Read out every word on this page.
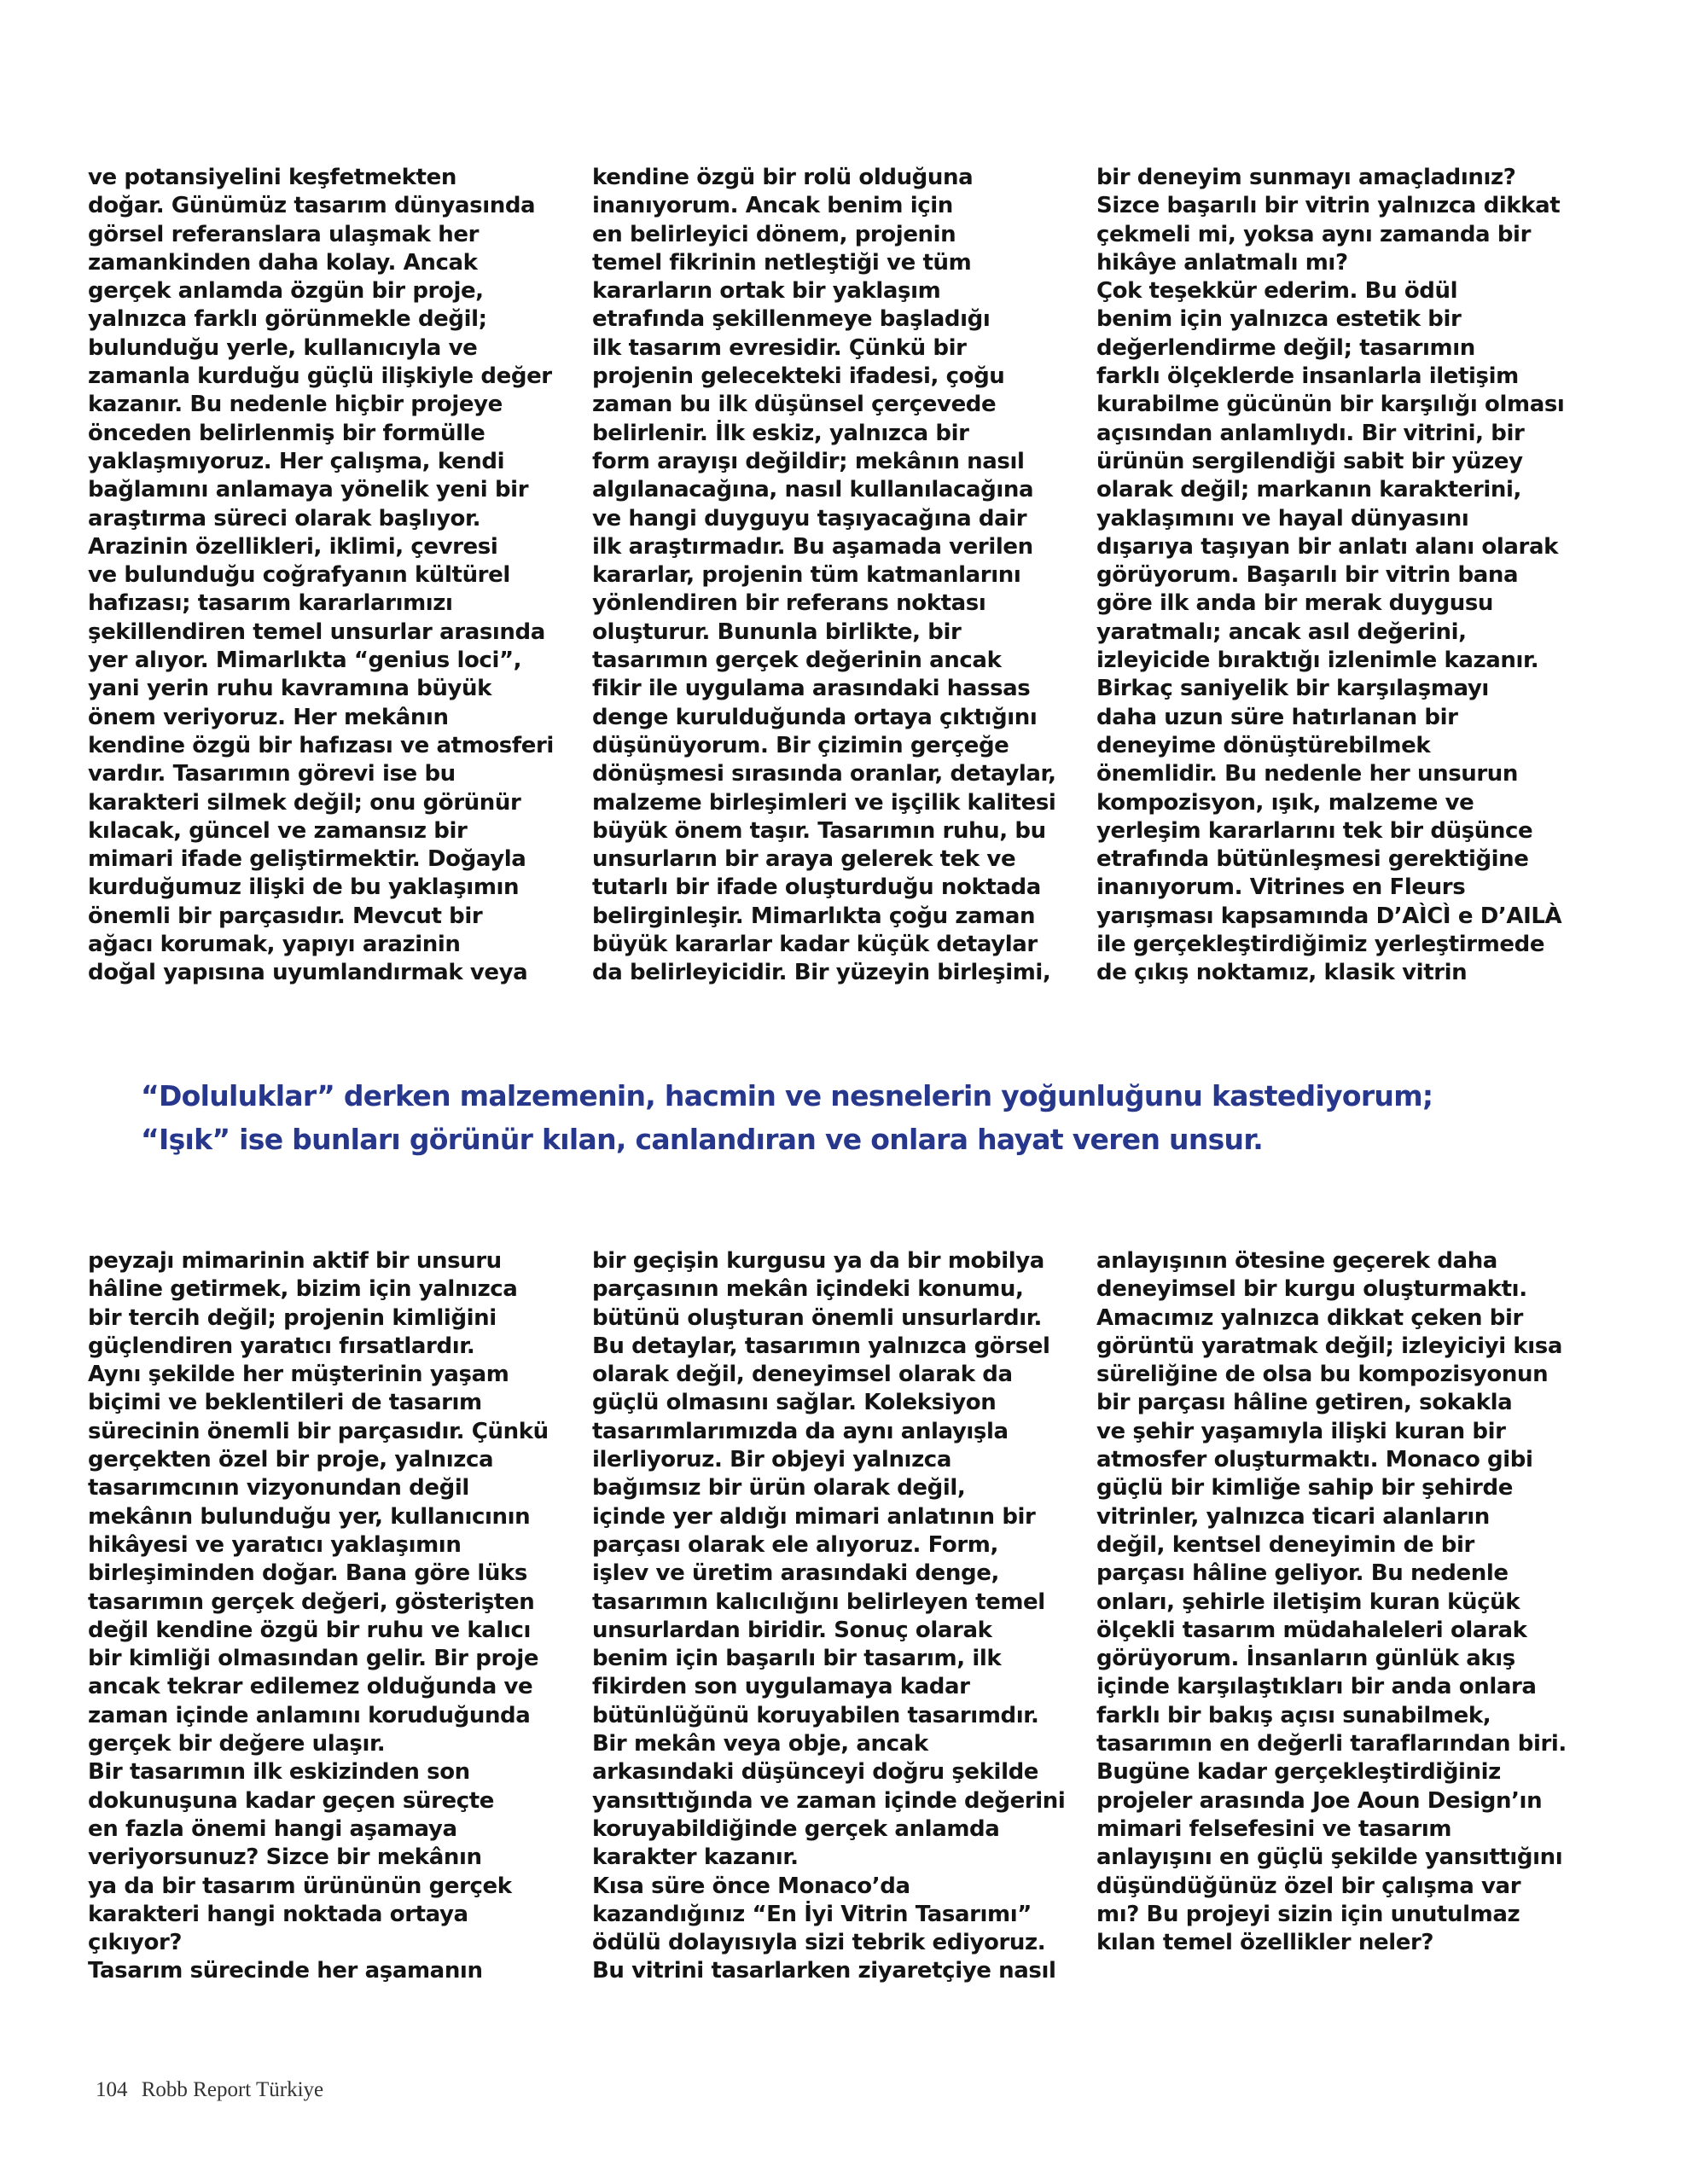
ve potansiyelini keşfetmekten
doğar. Günümüz tasarım dünyasında
görsel referanslara ulaşmak her
zamankinden daha kolay. Ancak
gerçek anlamda özgün bir proje,
yalnızca farklı görünmekle değil;
bulunduğu yerle, kullanıcıyla ve
zamanla kurduğu güçlü ilişkiyle değer
kazanır. Bu nedenle hiçbir projeye
önceden belirlenmiş bir formülle
yaklaşmıyoruz. Her çalışma, kendi
bağlamını anlamaya yönelik yeni bir
araştırma süreci olarak başlıyor.
Arazinin özellikleri, iklimi, çevresi
ve bulunduğu coğrafyanın kültürel
hafızası; tasarım kararlarımızı
şekillendiren temel unsurlar arasında
yer alıyor. Mimarlıkta “genius loci”,
yani yerin ruhu kavramına büyük
önem veriyoruz. Her mekânın
kendine özgü bir hafızası ve atmosferi
vardır. Tasarımın görevi ise bu
karakteri silmek değil; onu görünür
kılacak, güncel ve zamansız bir
mimari ifade geliştirmektir. Doğayla
kurduğumuz ilişki de bu yaklaşımın
önemli bir parçasıdır. Mevcut bir
ağacı korumak, yapıyı arazinin
doğal yapısına uyumlandırmak veya
kendine özgü bir rolü olduğuna
inanıyorum. Ancak benim için
en belirleyici dönem, projenin
temel fikrinin netleştiği ve tüm
kararların ortak bir yaklaşım
etrafında şekillenmeye başladığı
ilk tasarım evresidir. Çünkü bir
projenin gelecekteki ifadesi, çoğu
zaman bu ilk düşünsel çerçevede
belirlenir. İlk eskiz, yalnızca bir
form arayışı değildir; mekânın nasıl
algılanacağına, nasıl kullanılacağına
ve hangi duyguyu taşıyacağına dair
ilk araştırmadır. Bu aşamada verilen
kararlar, projenin tüm katmanlarını
yönlendiren bir referans noktası
oluşturur. Bununla birlikte, bir
tasarımın gerçek değerinin ancak
fikir ile uygulama arasındaki hassas
denge kurulduğunda ortaya çıktığını
düşünüyorum. Bir çizimin gerçeğe
dönüşmesi sırasında oranlar, detaylar,
malzeme birleşimleri ve işçilik kalitesi
büyük önem taşır. Tasarımın ruhu, bu
unsurların bir araya gelerek tek ve
tutarlı bir ifade oluşturduğu noktada
belirginleşir. Mimarlıkta çoğu zaman
büyük kararlar kadar küçük detaylar
da belirleyicidir. Bir yüzeyin birleşimi,
bir deneyim sunmayı amaçladınız?
Sizce başarılı bir vitrin yalnızca dikkat
çekmeli mi, yoksa aynı zamanda bir
hikâye anlatmalı mı?
Çok teşekkür ederim. Bu ödül
benim için yalnızca estetik bir
değerlendirme değil; tasarımın
farklı ölçeklerde insanlarla iletişim
kurabilme gücünün bir karşılığı olması
açısından anlamlıydı. Bir vitrini, bir
ürünün sergilendiği sabit bir yüzey
olarak değil; markanın karakterini,
yaklaşımını ve hayal dünyasını
dışarıya taşıyan bir anlatı alanı olarak
görüyorum. Başarılı bir vitrin bana
göre ilk anda bir merak duygusu
yaratmalı; ancak asıl değerini,
izleyicide bıraktığı izlenimle kazanır.
Birkaç saniyelik bir karşılaşmayı
daha uzun süre hatırlanan bir
deneyime dönüştürebilmek
önemlidir. Bu nedenle her unsurun
kompozisyon, ışık, malzeme ve
yerleşim kararlarını tek bir düşünce
etrafında bütünleşmesi gerektiğine
inanıyorum. Vitrines en Fleurs
yarışması kapsamında D’AÌCÌ e D’AILÀ
ile gerçekleştirdiğimiz yerleştirmede
de çıkış noktamız, klasik vitrin
“Doluluklar” derken malzemenin, hacmin ve nesnelerin yoğunluğunu kastediyorum;
“Işık” ise bunları görünür kılan, canlandıran ve onlara hayat veren unsur.
peyzajı mimarinin aktif bir unsuru
hâline getirmek, bizim için yalnızca
bir tercih değil; projenin kimliğini
güçlendiren yaratıcı fırsatlardır.
Aynı şekilde her müşterinin yaşam
biçimi ve beklentileri de tasarım
sürecinin önemli bir parçasıdır. Çünkü
gerçekten özel bir proje, yalnızca
tasarımcının vizyonundan değil
mekânın bulunduğu yer, kullanıcının
hikâyesi ve yaratıcı yaklaşımın
birleşiminden doğar. Bana göre lüks
tasarımın gerçek değeri, gösterişten
değil kendine özgü bir ruhu ve kalıcı
bir kimliği olmasından gelir. Bir proje
ancak tekrar edilemez olduğunda ve
zaman içinde anlamını koruduğunda
gerçek bir değere ulaşır.
Bir tasarımın ilk eskizinden son
dokunuşuna kadar geçen süreçte
en fazla önemi hangi aşamaya
veriyorsunuz? Sizce bir mekânın
ya da bir tasarım ürününün gerçek
karakteri hangi noktada ortaya
çıkıyor?
Tasarım sürecinde her aşamanın
bir geçişin kurgusu ya da bir mobilya
parçasının mekân içindeki konumu,
bütünü oluşturan önemli unsurlardır.
Bu detaylar, tasarımın yalnızca görsel
olarak değil, deneyimsel olarak da
güçlü olmasını sağlar. Koleksiyon
tasarımlarımızda da aynı anlayışla
ilerliyoruz. Bir objeyi yalnızca
bağımsız bir ürün olarak değil,
içinde yer aldığı mimari anlatının bir
parçası olarak ele alıyoruz. Form,
işlev ve üretim arasındaki denge,
tasarımın kalıcılığını belirleyen temel
unsurlardan biridir. Sonuç olarak
benim için başarılı bir tasarım, ilk
fikirden son uygulamaya kadar
bütünlüğünü koruyabilen tasarımdır.
Bir mekân veya obje, ancak
arkasındaki düşünceyi doğru şekilde
yansıttığında ve zaman içinde değerini
koruyabildiğinde gerçek anlamda
karakter kazanır.
Kısa süre önce Monaco’da
kazandığınız “En İyi Vitrin Tasarımı”
ödülü dolayısıyla sizi tebrik ediyoruz.
Bu vitrini tasarlarken ziyaretçiye nasıl
anlayışının ötesine geçerek daha
deneyimsel bir kurgu oluşturmaktı.
Amacımız yalnızca dikkat çeken bir
görüntü yaratmak değil; izleyiciyi kısa
süreliğine de olsa bu kompozisyonun
bir parçası hâline getiren, sokakla
ve şehir yaşamıyla ilişki kuran bir
atmosfer oluşturmaktı. Monaco gibi
güçlü bir kimliğe sahip bir şehirde
vitrinler, yalnızca ticari alanların
değil, kentsel deneyimin de bir
parçası hâline geliyor. Bu nedenle
onları, şehirle iletişim kuran küçük
ölçekli tasarım müdahaleleri olarak
görüyorum. İnsanların günlük akış
içinde karşılaştıkları bir anda onlara
farklı bir bakış açısı sunabilmek,
tasarımın en değerli taraflarından biri.
Bugüne kadar gerçekleştirdiğiniz
projeler arasında Joe Aoun Design’ın
mimari felsefesini ve tasarım
anlayışını en güçlü şekilde yansıttığını
düşündüğünüz özel bir çalışma var
mı? Bu projeyi sizin için unutulmaz
kılan temel özellikler neler?
104 Robb Report Türkiye
